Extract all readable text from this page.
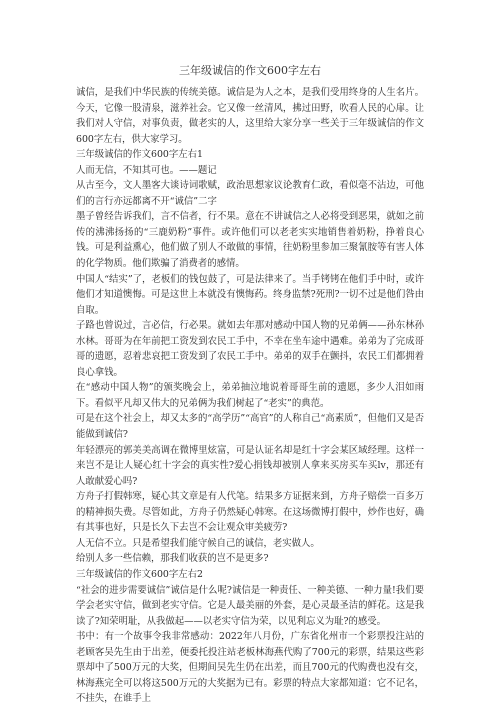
三年级诚信的作文600字左右

诚信，是我们中华民族的传统美德。诚信是为人之本，是我们受用终身的人生名片。今天，它像一股清泉，滋养社会。它又像一丝清风，拂过田野，吹看人民的心扉。让我们对人守信，对事负责，做老实的人，这里给大家分享一些关于三年级诚信的作文600字左右，供大家学习。

三年级诚信的作文600字左右1

人而无信，不知其可也。——题记

从古至今，文人墨客大谈诗词歌赋，政治思想家议论教育仁政，看似毫不沾边，可他们的言行亦远都离不开“诚信”二字

墨子曾经告诉我们，言不信者，行不果。意在不讲诚信之人必将受到恶果，就如之前传的沸沸扬扬的“三鹿奶粉”事件。或许他们可以老老实实地销售着奶粉，挣着良心钱。可是利益熏心，他们做了别人不敢做的事情，往奶粉里参加三聚氰胺等有害人体的化学物质。他们欺骗了消费者的感情。

中国人“结实”了，老板们的钱包鼓了，可是法律来了。当手铐铐在他们手中时，或许他们才知道懊悔。可是这世上本就没有懊悔药。终身监禁?死刑?一切不过是他们咎由自取。

子路也曾说过，言必信，行必果。就如去年那对感动中国人物的兄弟俩——孙东林孙水林。哥哥为在年前把工资发到农民工手中，不幸在坐车途中遇难。弟弟为了完成哥哥的遗愿，忍着悲哀把工资发到了农民工手中。弟弟的双手在颤抖，农民工们都拥着良心拿钱。

在“感动中国人物”的颁奖晚会上，弟弟抽泣地说着哥哥生前的遗愿，多少人泪如雨下。看似平凡却又伟大的兄弟俩为我们树起了“老实”的典范。

可是在这个社会上，却又太多的“高学历”“高官”的人称自己“高素质”，但他们又是否能做到诚信?

年轻漂亮的郭美美高调在微博里炫富，可是认证名却是红十字会某区域经理。这样一来岂不是让人疑心红十字会的真实性?爱心捐钱却被别人拿来买房买车买lv，那还有人敢献爱心吗?

方舟子打假韩寒，疑心其文章是有人代笔。结果多方证据来到，方舟子赔偿一百多万的精神损失费。尽管如此，方舟子仍然疑心韩寒。在这场微博打假中，炒作也好，确有其事也好，只是长久下去岂不会让观众审美疲劳?

人无信不立。只是希望我们能守候自己的诚信，老实做人。

给别人多一些信赖，那我们收获的岂不是更多?

三年级诚信的作文600字左右2

“社会的进步需要诚信”诚信是什么呢?诚信是一种责任、一种美德、一种力量!我们要学会老实守信，做到老实守信。它是人最美丽的外套，是心灵最圣洁的鲜花。这是我读了?知荣明耻，从我做起——以老实守信为荣，以见利忘义为耻?的感受。

书中：有一个故事令我非常感动：2022年八月份，广东省化州市一个彩票投注站的老顾客吴先生由于出差，便委托投注站老板林海燕代购了700元的彩票，结果这些彩票却中了500万元的大奖，但期间吴先生仍在出差，而且700元的代购费也没有交，林海燕完全可以将这500万元的大奖据为已有。彩票的特点大家都知道：它不记名，不挂失，在谁手上
